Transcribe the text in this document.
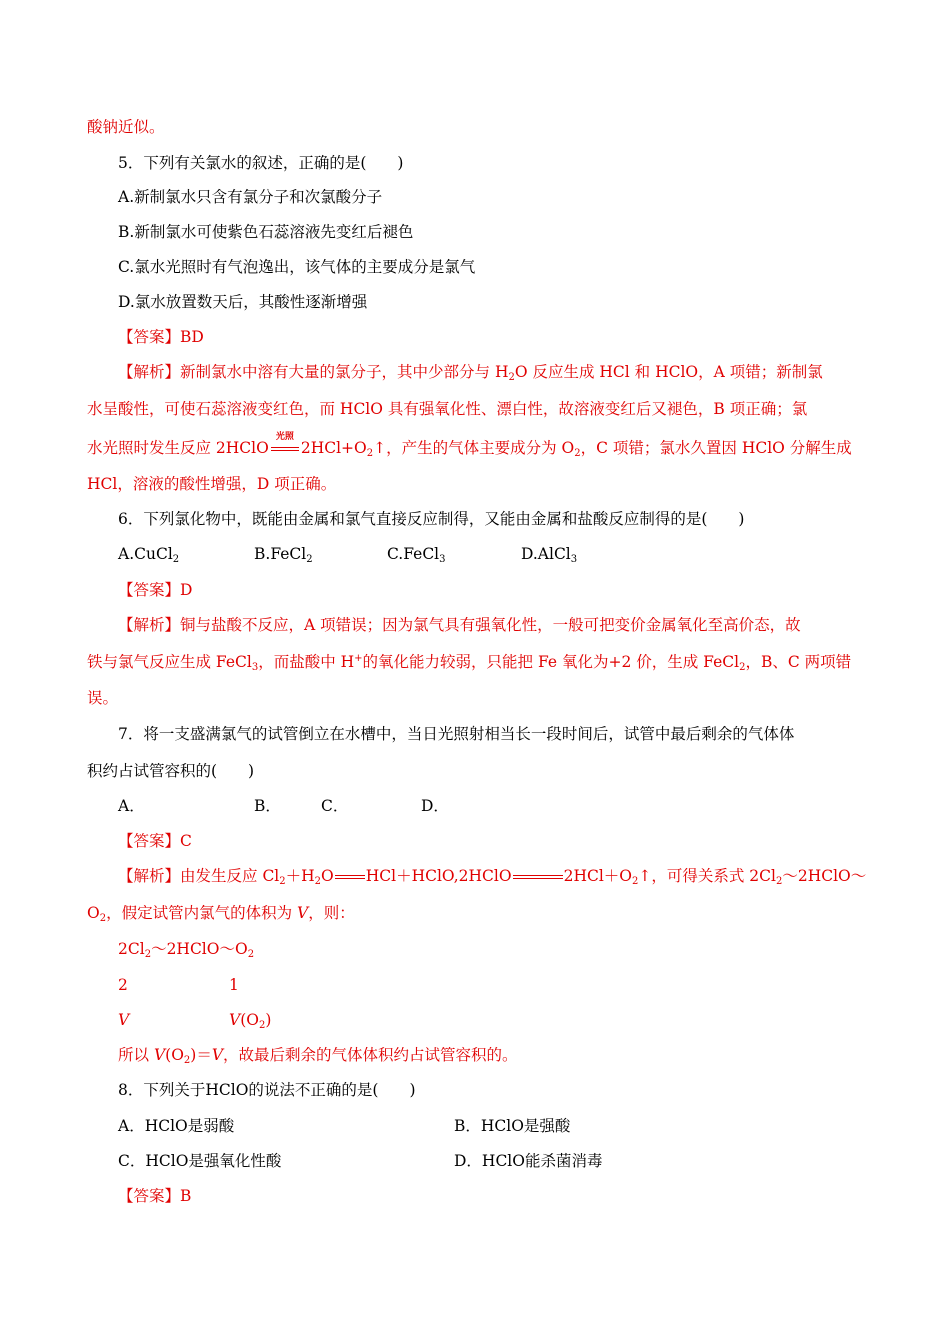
酸钠近似。
5．下列有关氯水的叙述，正确的是(　　)
A.新制氯水只含有氯分子和次氯酸分子
B.新制氯水可使紫色石蕊溶液先变红后褪色
C.氯水光照时有气泡逸出，该气体的主要成分是氯气
D.氯水放置数天后，其酸性逐渐增强
【答案】BD
【解析】新制氯水中溶有大量的氯分子，其中少部分与 $H_2O$ 反应生成 HCl 和 HClO，A 项错；新制氯
水呈酸性，可使石蕊溶液变红色，而 HClO 具有强氧化性、漂白性，故溶液变红后又褪色，B 项正确；氯
水光照时发生反应 2HClO
光照
$2HCl+O_2↑$，产生的气体主要成分为 $O_2$，C 项错；氯水久置因 HClO 分解生成
HCl，溶液的酸性增强，D 项正确。
6．下列氯化物中，既能由金属和氯气直接反应制得，又能由金属和盐酸反应制得的是(　　)
A.CuCl$_2$	B.FeCl$_2$	C.FeCl$_3$	D.AlCl$_3$
【答案】D
【解析】铜与盐酸不反应，A 项错误；因为氯气具有强氧化性，一般可把变价金属氧化至高价态，故
铁与氯气反应生成 FeCl$_3$，而盐酸中 H+的氧化能力较弱，只能把 Fe 氧化为+2 价，生成 FeCl$_2$，B、C 两项错
误。
7．将一支盛满氯气的试管倒立在水槽中，当日光照射相当长一段时间后，试管中最后剩余的气体体
积约占试管容积的(　　)
A．	B．	C．	D．
【答案】C
【解析】由发生反应 $Cl_2+H_2O$ HCl＋HClO,2HClO	$2HCl+O_2↑$，可得关系式 $2Cl_2\sim 2HClO\sim$
$O_2$，假定试管内氯气的体积为 V，则：
$2Cl_2\sim 2HClO\sim O_2$
2	1
V	$V(O_2)$
所以 $V(O_2)=V$，故最后剩余的气体体积约占试管容积的。
8．下列关于HClO的说法不正确的是(　　)
A．HClO是弱酸	B．HClO是强酸
C．HClO是强氧化性酸	D．HClO能杀菌消毒
【答案】B
